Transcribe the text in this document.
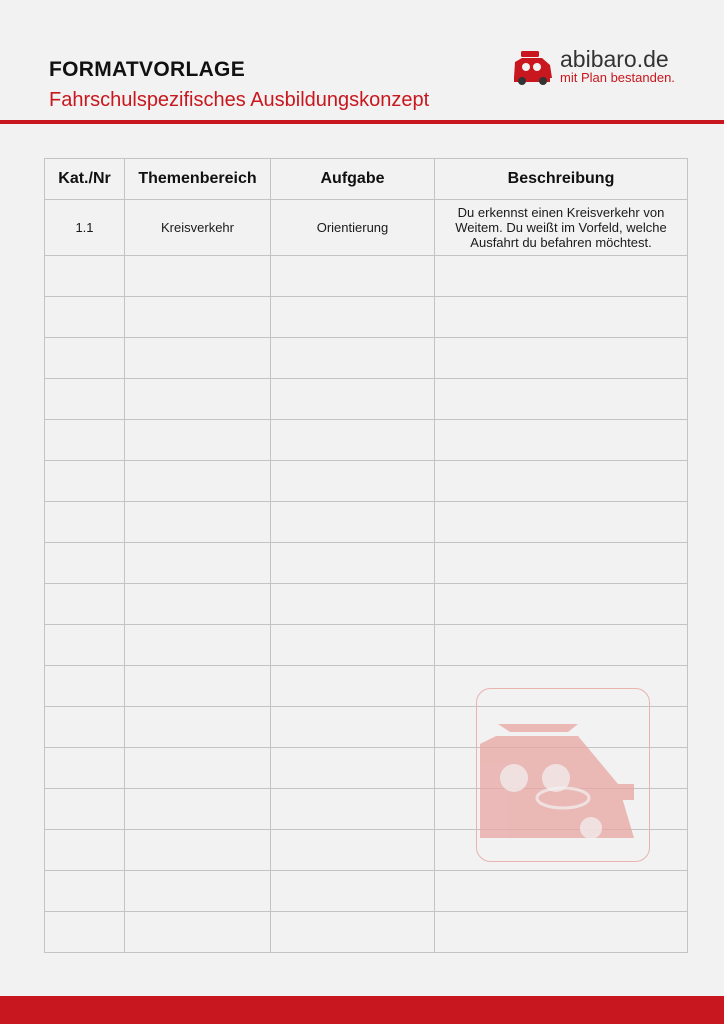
FORMATVORLAGE
Fahrschulspezifisches Ausbildungskonzept
abibaro.de
mit Plan bestanden.
Kat./Nr	Themenbereich	Aufgabe	Beschreibung
1.1	Kreisverkehr	Orientierung	Du erkennst einen Kreisverkehr von Weitem. Du weißt im Vorfeld, welche Ausfahrt du befahren möchtest.
